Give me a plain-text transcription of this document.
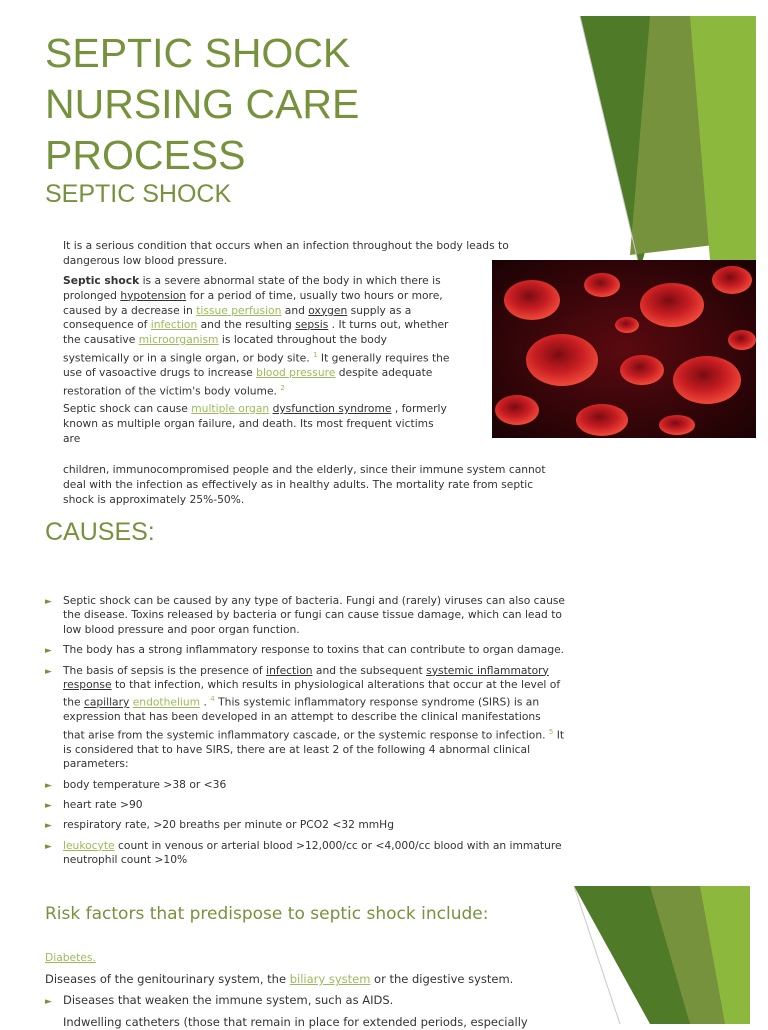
SEPTIC SHOCK
NURSING CARE
PROCESS
SEPTIC SHOCK

It is a serious condition that occurs when an infection throughout the body leads to dangerous low blood pressure.

Septic shock is a severe abnormal state of the body in which there is prolonged hypotension for a period of time, usually two hours or more, caused by a decrease in tissue perfusion and oxygen supply as a consequence of infection and the resulting sepsis . It turns out, whether the causative microorganism is located throughout the body systemically or in a single organ, or body site. $^1$ It generally requires the use of vasoactive drugs to increase blood pressure despite adequate restoration of the victim's body volume. $^2$

Septic shock can cause multiple organ dysfunction syndrome , formerly known as multiple organ failure, and death. Its most frequent victims are

children, immunocompromised people and the elderly, since their immune system cannot deal with the infection as effectively as in healthy adults. The mortality rate from septic shock is approximately 25%-50%.

CAUSES:
► Septic shock can be caused by any type of bacteria. Fungi and (rarely) viruses can also cause the disease. Toxins released by bacteria or fungi can cause tissue damage, which can lead to low blood pressure and poor organ function.
► The body has a strong inflammatory response to toxins that can contribute to organ damage.
► The basis of sepsis is the presence of infection and the subsequent systemic inflammatory response to that infection, which results in physiological alterations that occur at the level of the capillary endothelium . $^4$ This systemic inflammatory response syndrome (SIRS) is an expression that has been developed in an attempt to describe the clinical manifestations that arise from the systemic inflammatory cascade, or the systemic response to infection. $^5$ It is considered that to have SIRS, there are at least 2 of the following 4 abnormal clinical parameters:
► body temperature >38 or <36
► heart rate >90
► respiratory rate, >20 breaths per minute or PCO2 <32 mmHg
► leukocyte count in venous or arterial blood >12,000/cc or <4,000/cc blood with an immature neutrophil count >10%
Risk factors that predispose to septic shock include:
Diabetes.

Diseases of the genitourinary system, the biliary system or the digestive system.

► Diseases that weaken the immune system, such as AIDS.

Indwelling catheters (those that remain in place for extended periods, especially
